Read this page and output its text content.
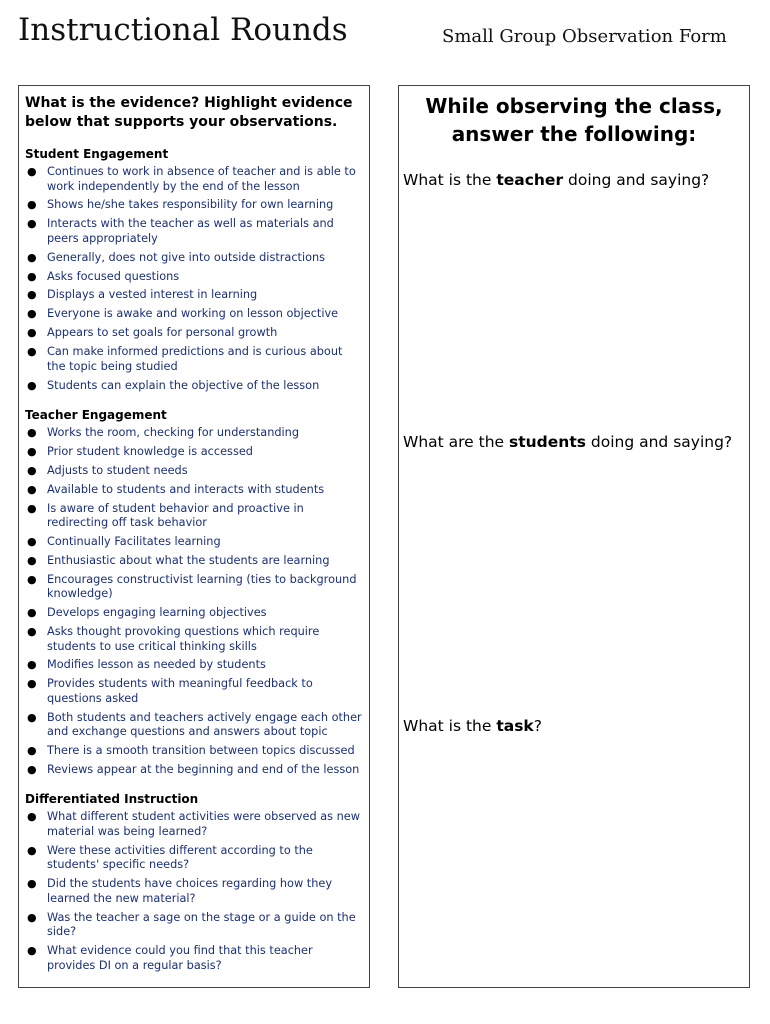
Instructional Rounds	Small Group Observation Form
What is the evidence? Highlight evidence below that supports your observations.
Student Engagement
● Continues to work in absence of teacher and is able to work independently by the end of the lesson
● Shows he/she takes responsibility for own learning
● Interacts with the teacher as well as materials and peers appropriately
● Generally, does not give into outside distractions
● Asks focused questions
● Displays a vested interest in learning
● Everyone is awake and working on lesson objective
● Appears to set goals for personal growth
● Can make informed predictions and is curious about the topic being studied
● Students can explain the objective of the lesson
Teacher Engagement
● Works the room, checking for understanding
● Prior student knowledge is accessed
● Adjusts to student needs
● Available to students and interacts with students
● Is aware of student behavior and proactive in redirecting off task behavior
● Continually Facilitates learning
● Enthusiastic about what the students are learning
● Encourages constructivist learning (ties to background knowledge)
● Develops engaging learning objectives
● Asks thought provoking questions which require students to use critical thinking skills
● Modifies lesson as needed by students
● Provides students with meaningful feedback to questions asked
● Both students and teachers actively engage each other and exchange questions and answers about topic
● There is a smooth transition between topics discussed
● Reviews appear at the beginning and end of the lesson
Differentiated Instruction
● What different student activities were observed as new material was being learned?
● Were these activities different according to the students' specific needs?
● Did the students have choices regarding how they learned the new material?
● Was the teacher a sage on the stage or a guide on the side?
● What evidence could you find that this teacher provides DI on a regular basis?
While observing the class,
answer the following:
What is the teacher doing and saying?
What are the students doing and saying?
What is the task?
